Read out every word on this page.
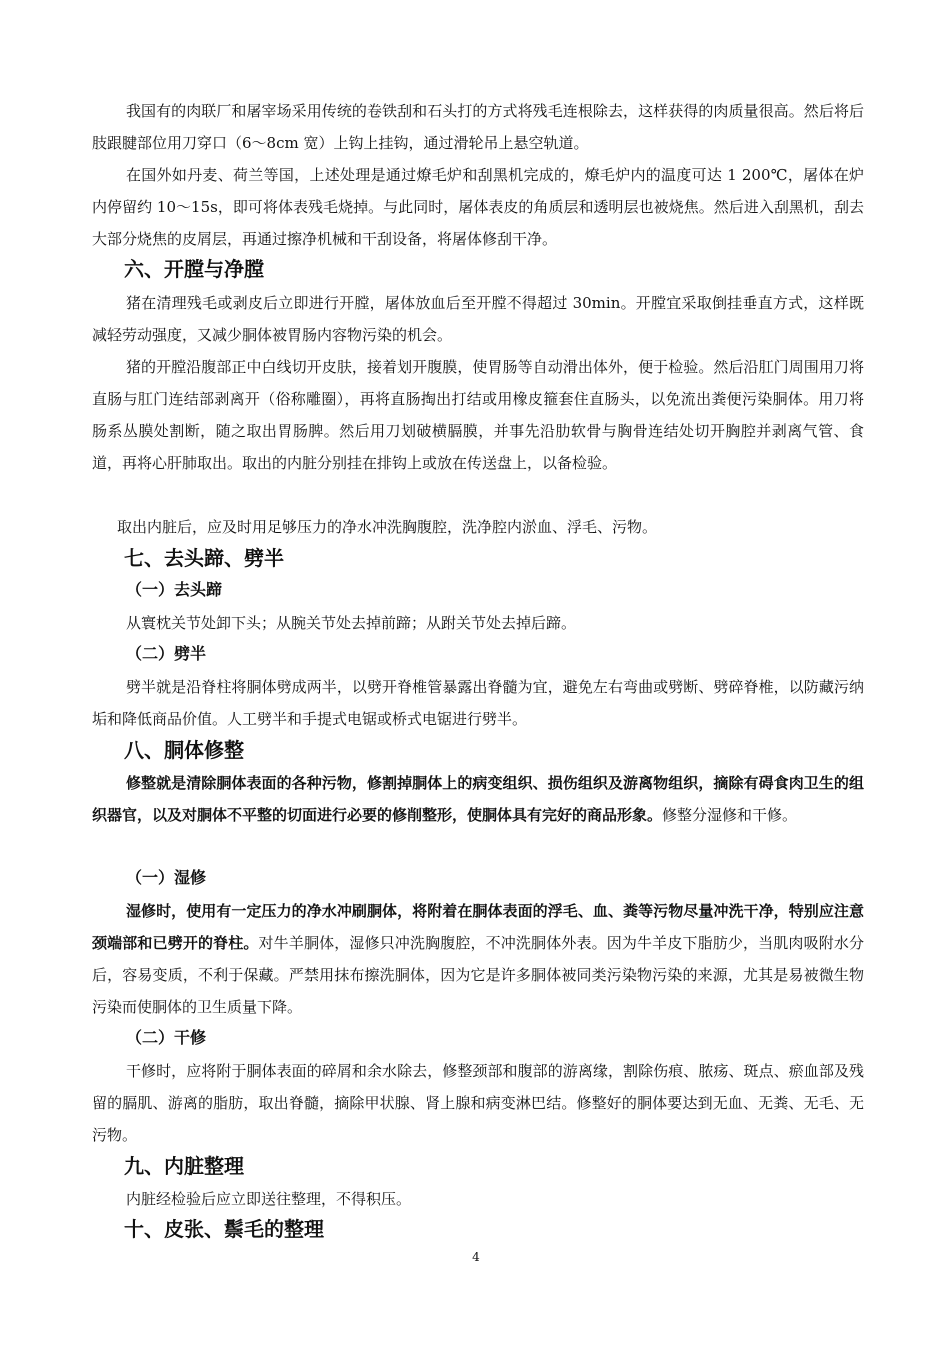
我国有的肉联厂和屠宰场采用传统的卷铁刮和石头打的方式将残毛连根除去，这样获得的肉质量很高。然后将后肢跟腱部位用刀穿口（6～8cm 宽）上钩上挂钩，通过滑轮吊上悬空轨道。

在国外如丹麦、荷兰等国，上述处理是通过燎毛炉和刮黑机完成的，燎毛炉内的温度可达 1 200℃，屠体在炉内停留约 10～15s，即可将体表残毛烧掉。与此同时，屠体表皮的角质层和透明层也被烧焦。然后进入刮黑机，刮去大部分烧焦的皮屑层，再通过擦净机械和干刮设备，将屠体修刮干净。

六、开膛与净膛

猪在清理残毛或剥皮后立即进行开膛，屠体放血后至开膛不得超过 30min。开膛宜采取倒挂垂直方式，这样既减轻劳动强度，又减少胴体被胃肠内容物污染的机会。

猪的开膛沿腹部正中白线切开皮肤，接着划开腹膜，使胃肠等自动滑出体外，便于检验。然后沿肛门周围用刀将直肠与肛门连结部剥离开（俗称雕圈），再将直肠掏出打结或用橡皮箍套住直肠头，以免流出粪便污染胴体。用刀将肠系丛膜处割断，随之取出胃肠脾。然后用刀划破横膈膜，并事先沿肋软骨与胸骨连结处切开胸腔并剥离气管、食道，再将心肝肺取出。取出的内脏分别挂在排钩上或放在传送盘上，以备检验。

取出内脏后，应及时用足够压力的净水冲洗胸腹腔，洗净腔内淤血、浮毛、污物。

七、去头蹄、劈半
（一）去头蹄

从寰枕关节处卸下头；从腕关节处去掉前蹄；从跗关节处去掉后蹄。

（二）劈半

劈半就是沿脊柱将胴体劈成两半，以劈开脊椎管暴露出脊髓为宜，避免左右弯曲或劈断、劈碎脊椎，以防藏污纳垢和降低商品价值。人工劈半和手提式电锯或桥式电锯进行劈半。

八、胴体修整

修整就是清除胴体表面的各种污物，修割掉胴体上的病变组织、损伤组织及游离物组织，摘除有碍食肉卫生的组织器官，以及对胴体不平整的切面进行必要的修削整形，使胴体具有完好的商品形象。修整分湿修和干修。

（一）湿修

湿修时，使用有一定压力的净水冲刷胴体，将附着在胴体表面的浮毛、血、粪等污物尽量冲洗干净，特别应注意颈端部和已劈开的脊柱。对牛羊胴体，湿修只冲洗胸腹腔，不冲洗胴体外表。因为牛羊皮下脂肪少，当肌肉吸附水分后，容易变质，不利于保藏。严禁用抹布擦洗胴体，因为它是许多胴体被同类污染物污染的来源，尤其是易被微生物污染而使胴体的卫生质量下降。

（二）干修

干修时，应将附于胴体表面的碎屑和余水除去，修整颈部和腹部的游离缘，割除伤痕、脓疡、斑点、瘀血部及残留的膈肌、游离的脂肪，取出脊髓，摘除甲状腺、肾上腺和病变淋巴结。修整好的胴体要达到无血、无粪、无毛、无污物。

九、内脏整理

内脏经检验后应立即送往整理，不得积压。

十、皮张、鬃毛的整理
4
